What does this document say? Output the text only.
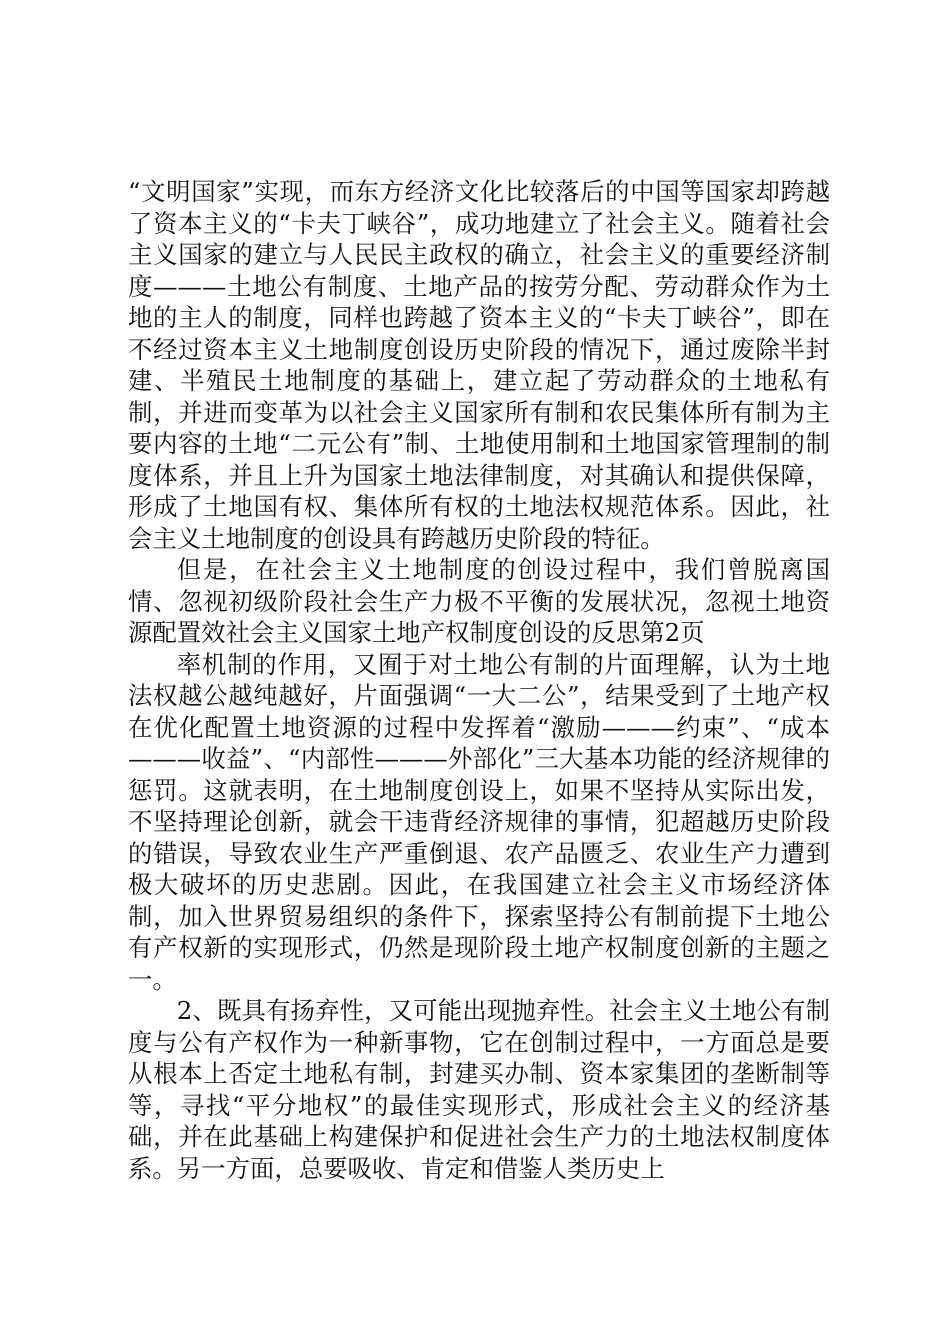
“文明国家”实现，而东方经济文化比较落后的中国等国家却跨越了资本主义的“卡夫丁峡谷”，成功地建立了社会主义。随着社会主义国家的建立与人民民主政权的确立，社会主义的重要经济制度———土地公有制度、土地产品的按劳分配、劳动群众作为土地的主人的制度，同样也跨越了资本主义的“卡夫丁峡谷”，即在不经过资本主义土地制度创设历史阶段的情况下，通过废除半封建、半殖民土地制度的基础上，建立起了劳动群众的土地私有制，并进而变革为以社会主义国家所有制和农民集体所有制为主要内容的土地“二元公有”制、土地使用制和土地国家管理制的制度体系，并且上升为国家土地法律制度，对其确认和提供保障，形成了土地国有权、集体所有权的土地法权规范体系。因此，社会主义土地制度的创设具有跨越历史阶段的特征。

但是，在社会主义土地制度的创设过程中，我们曾脱离国情、忽视初级阶段社会生产力极不平衡的发展状况，忽视土地资源配置效社会主义国家土地产权制度创设的反思第2页

率机制的作用，又囿于对土地公有制的片面理解，认为土地法权越公越纯越好，片面强调“一大二公”，结果受到了土地产权在优化配置土地资源的过程中发挥着“激励———约束”、“成本———收益”、“内部性———外部化”三大基本功能的经济规律的惩罚。这就表明，在土地制度创设上，如果不坚持从实际出发，不坚持理论创新，就会干违背经济规律的事情，犯超越历史阶段的错误，导致农业生产严重倒退、农产品匮乏、农业生产力遭到极大破坏的历史悲剧。因此，在我国建立社会主义市场经济体制，加入世界贸易组织的条件下，探索坚持公有制前提下土地公有产权新的实现形式，仍然是现阶段土地产权制度创新的主题之一。

2、既具有扬弃性，又可能出现抛弃性。社会主义土地公有制度与公有产权作为一种新事物，它在创制过程中，一方面总是要从根本上否定土地私有制，封建买办制、资本家集团的垄断制等等，寻找“平分地权”的最佳实现形式，形成社会主义的经济基础，并在此基础上构建保护和促进社会生产力的土地法权制度体系。另一方面，总要吸收、肯定和借鉴人类历史上
